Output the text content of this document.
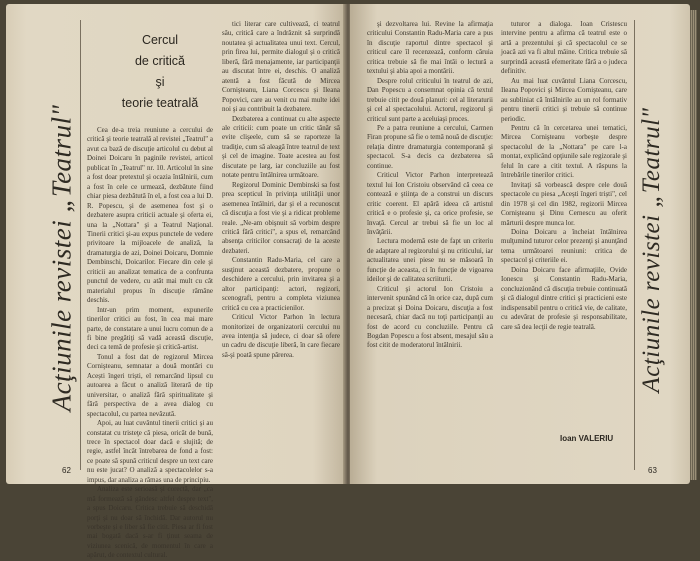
Acţiunile revistei „Teatrul"
Cercul
de critică
şi
teorie teatrală

Cea de-a treia reuniune a cercului de critică şi teorie teatrală al revistei „Teatrul" a avut ca bază de discuţie articolul cu debut al Doinei Doicaru în paginile revistei, articol publicat în „Teatrul" nr. 10. Articolul în sine a fost doar pretextul şi ocazia întâlnirii, cum a fost în cele ce urmează, dezbătute fiind chiar piesa dezbătută în el, a fost cea a lui D. R. Popescu, şi de asemenea fost şi o dezbatere asupra criticii actuale şi oferta ei, una la „Nottara" şi a Teatrul Naţional. Tinerii critici şi-au expus punctele de vedere privitoare la mijloacele de analiză, la dramaturgia de azi, Doinei Doicaru, Domnie Dembinschi, Doicarilor. Fiecare din cele şi criticii au analizat tematica de a confrunta punctul de vedere, cu atât mai mult cu cât materialul propus în discuţie rămâne deschis.

Intr-un prim moment, expunerile tinerilor critici au fost, în cea mai mare parte, de constatare a unui lucru comun de a fi bine pregătiţi să vadă această discuţie, deci ca temă de profesie şi critică-artist.

Tonul a fost dat de regizorul Mircea Cornişteanu, semnatar a două montări cu Acești îngeri triști, el remarcând lipsul cu autoarea a făcut o analiză literară de tip universitar, o analiză fără spiritualitate şi fără perspectiva de a avea dialog cu spectacolul, cu partea nevăzută.

Apoi, au luat cuvântul tinerii critici şi au constatat cu tristeţe că piesa, oricât de bună, trece în spectacol doar dacă e slujită; de regie, astfel încât întrebarea de fond a fost: ce poate să spună criticul despre un text care nu este jucat? O analiză a spectacolelor s-a impus, dar analiza a rămas una de principiu.

Analiza este serioasă şi corectă, dar „ca mă formează să gândesc altfel despre text", a spus Doicaru. Critica trebuie să deschidă porţi şi nu doar să închidă. Dar autorul nu vorbeşte şi e liber să fie citit. Piesa ar fi fost mai bogată dacă s-ar fi ţinut seama de viziunea scenică, de momentul în care a apărut, de contextul cultural.

tici literar care cultivează, ci teatrul său, critică care a îndrăznit să surprindă noutatea şi actualitatea unui text. Cercul, prin firea lui, permite dialogul şi o critică liberă, fără menajamente, iar participanţii au discutat între ei, deschis. O analiză atentă a fost făcută de Mircea Cornişteanu, Liana Corcescu şi Ileana Popovici, care au venit cu mai multe idei noi şi au contribuit la dezbatere.

Dezbaterea a continuat cu alte aspecte ale criticii: cum poate un critic tânăr să evite clişeele, cum să se raporteze la tradiţie, cum să aleagă între teatrul de text şi cel de imagine. Toate acestea au fost discutate pe larg, iar concluziile au fost notate pentru întâlnirea următoare.

Regizorul Dominic Dembinski sa fost prea scepticul în privinţa utilităţii unor asemenea întâlniri, dar şi el a recunoscut că discuţia a fost vie şi a ridicat probleme reale. „Ne-am obişnuit să vorbim despre critică fără critici", a spus el, remarcând absenţa criticilor consacraţi de la aceste dezbateri.

Constantin Radu-Maria, cel care a susţinut această dezbatere, propune o deschidere a cercului, prin invitarea şi a altor participanţi: actori, regizori, scenografi, pentru a completa viziunea critică cu cea a practicienilor.

Criticul Victor Parhon în lectura monitorizei de organizatorii cercului nu avea intenţia să judece, ci doar să ofere un cadru de discuţie liberă, în care fiecare să-şi poată spune părerea.

62

şi dezvoltarea lui. Revine la afirmaţia criticului Constantin Radu-Maria care a pus în discuţie raportul dintre spectacol şi criticul care îl recenzează, conform căruia critica trebuie să fie mai întâi o lectură a textului şi abia apoi a montării.

Despre rolul criticului în teatrul de azi, Dan Popescu a consemnat opinia că textul trebuie citit pe două planuri: cel al literaturii şi cel al spectacolului. Actorul, regizorul şi criticul sunt parte a aceluiaşi proces.

Pe a patra reuniune a cercului, Carmen Firan propune să fie o temă nouă de discuţie: relaţia dintre dramaturgia contemporană şi spectacol. S-a decis ca dezbaterea să continue.

Criticul Victor Parhon interpretează textul lui Ion Cristoiu observând că ceea ce contează e ştiinţa de a construi un discurs critic coerent. El apără ideea că artistul critică e o profesie şi, ca orice profesie, se învaţă. Cercul ar trebui să fie un loc al învăţării.

Lectura modernă este de fapt un criteriu de adaptare al regizorului şi nu criticului, iar actualitatea unei piese nu se măsoară în funcţie de aceasta, ci în funcţie de vigoarea ideilor şi de calitatea scriiturii.

Criticul şi actorul Ion Cristoiu a intervenit spunând că în orice caz, după cum a precizat şi Doina Doicaru, discuţia a fost necesară, chiar dacă nu toţi participanţii au fost de acord cu concluziile. Pentru că Bogdan Popescu a fost absent, mesajul său a fost citit de moderatorul întâlnirii.

tuturor a dialoga. Ioan Cristescu intervine pentru a afirma că teatrul este o artă a prezentului şi că spectacolul ce se joacă azi va fi altul mâine. Critica trebuie să surprindă această efemeritate fără a o judeca definitiv.

Au mai luat cuvântul Liana Corcescu, Ileana Popovici şi Mircea Cornişteanu, care au subliniat că întâlnirile au un rol formativ pentru tinerii critici şi trebuie să continue periodic.

Pentru că în cercetarea unei tematici, Mircea Cornişteanu vorbeşte despre spectacolul de la „Nottara" pe care l-a montat, explicând opţiunile sale regizorale şi felul în care a citit textul. A răspuns la întrebările tinerilor critici.

Invitaţi să vorbească despre cele două spectacole cu piesa „Acești îngeri triști", cel din 1978 şi cel din 1982, regizorii Mircea Cornişteanu şi Dinu Cernescu au oferit mărturii despre munca lor.

Doina Doicaru a încheiat întâlnirea mulţumind tuturor celor prezenţi şi anunţând tema următoarei reuniuni: critica de spectacol şi criteriile ei.

Doina Doicaru face afirmaţiile, Ovide Ionescu şi Constantin Radu-Maria, concluzionând că discuţia trebuie continuată şi că dialogul dintre critici şi practicieni este indispensabil pentru o critică vie, de calitate, cu adevărat de profesie şi responsabilitate, care să dea lecţii de regie teatrală.

Ioan VALERIU
Acţiunile revistei „Teatrul"
63
